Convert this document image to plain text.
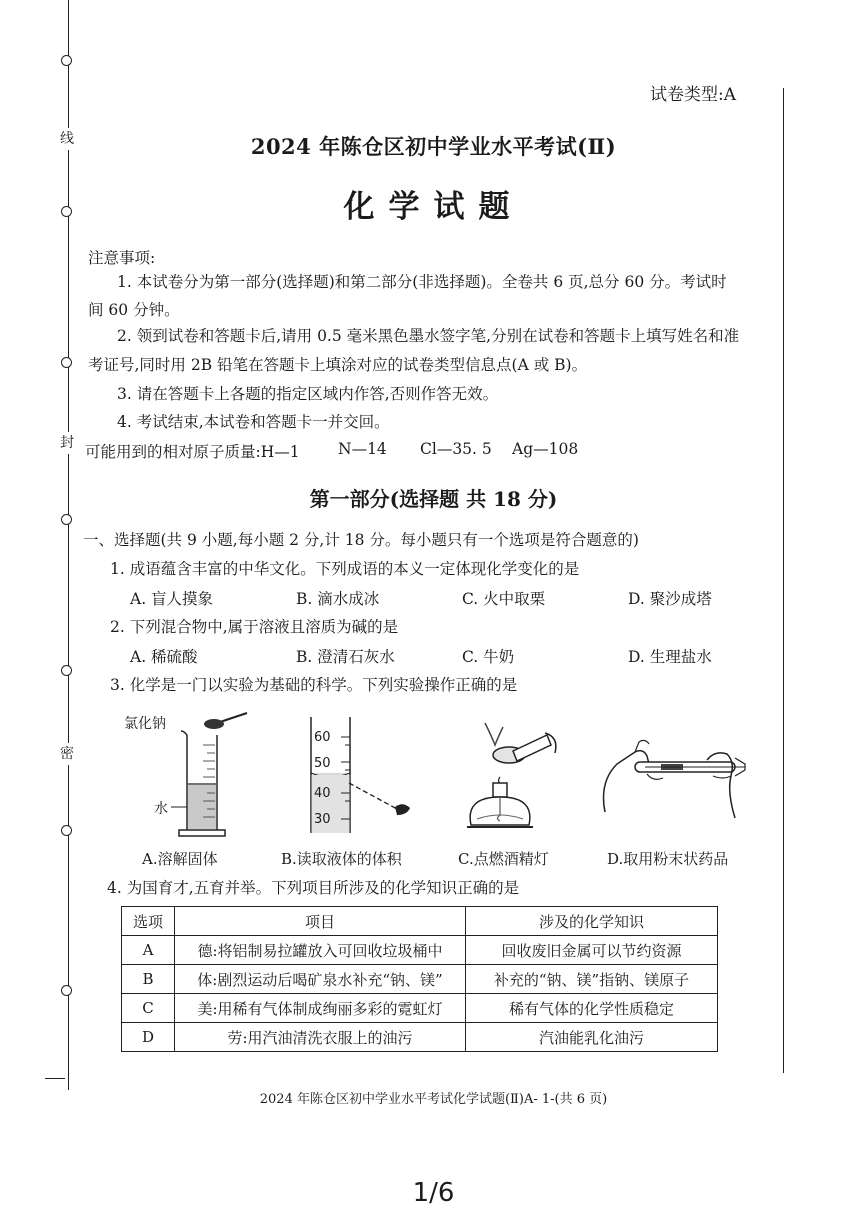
线
封
密
试卷类型:A
2024 年陈仓区初中学业水平考试(Ⅱ)
化学试题
注意事项:
1. 本试卷分为第一部分(选择题)和第二部分(非选择题)。全卷共 6 页,总分 60 分。考试时
间 60 分钟。
2. 领到试卷和答题卡后,请用 0.5 毫米黑色墨水签字笔,分别在试卷和答题卡上填写姓名和准
考证号,同时用 2B 铅笔在答题卡上填涂对应的试卷类型信息点(A 或 B)。
3. 请在答题卡上各题的指定区域内作答,否则作答无效。
4. 考试结束,本试卷和答题卡一并交回。
可能用到的相对原子质量:H—1 N—14 Cl—35. 5 Ag—108
第一部分(选择题 共 18 分)
一、选择题(共 9 小题,每小题 2 分,计 18 分。每小题只有一个选项是符合题意的)
1. 成语蕴含丰富的中华文化。下列成语的本义一定体现化学变化的是
A. 盲人摸象	B. 滴水成冰	C. 火中取栗	D. 聚沙成塔
2. 下列混合物中,属于溶液且溶质为碱的是
A. 稀硫酸	B. 澄清石灰水	C. 牛奶	D. 生理盐水
3. 化学是一门以实验为基础的科学。下列实验操作正确的是
氯化钠
水
A.溶解固体
60
50
40
30
B.读取液体的体积	C.点燃酒精灯	D.取用粉末状药品
4. 为国育才,五育并举。下列项目所涉及的化学知识正确的是
选项	项目	涉及的化学知识
A	德:将铝制易拉罐放入可回收垃圾桶中	回收废旧金属可以节约资源
B	体:剧烈运动后喝矿泉水补充“钠、镁”	补充的“钠、镁”指钠、镁原子
C	美:用稀有气体制成绚丽多彩的霓虹灯	稀有气体的化学性质稳定
D	劳:用汽油清洗衣服上的油污	汽油能乳化油污
2024 年陈仓区初中学业水平考试化学试题(Ⅱ)A- 1-(共 6 页)
1/6
